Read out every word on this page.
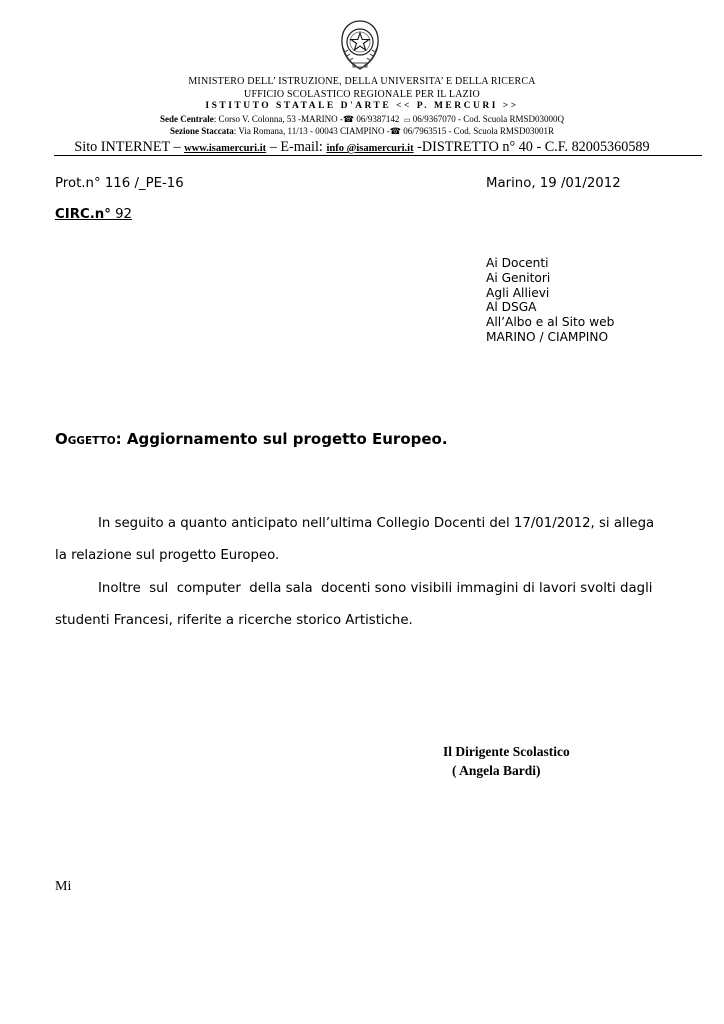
MINISTERO DELL’ ISTRUZIONE, DELLA UNIVERSITA’ E DELLA RICERCA
UFFICIO SCOLASTICO REGIONALE PER IL LAZIO
ISTITUTO STATALE D'ARTE << P. MERCURI >>
Sede Centrale: Corso V. Colonna, 53 -MARINO -☎ 06/9387142 ▭ 06/9367070 - Cod. Scuola RMSD03000Q
Sezione Staccata: Via Romana, 11/13 - 00043 CIAMPINO -☎ 06/7963515 - Cod. Scuola RMSD03001R
Sito INTERNET – www.isamercuri.it – E-mail: info @isamercuri.it -DISTRETTO n° 40 - C.F. 82005360589
Prot.n° 116 /_PE-16	Marino, 19 /01/2012
CIRC.n° 92
Ai Docenti
Ai Genitori
Agli Allievi
Al DSGA
All’Albo e al Sito web
MARINO / CIAMPINO
OGGETTO: Aggiornamento sul progetto Europeo.
In seguito a quanto anticipato nell’ultima Collegio Docenti del 17/01/2012, si allega
la relazione sul progetto Europeo.
Inoltre  sul  computer  della sala  docenti sono visibili immagini di lavori svolti dagli
studenti Francesi, riferite a ricerche storico Artistiche.
Il Dirigente Scolastico
( Angela Bardi)
Mi
